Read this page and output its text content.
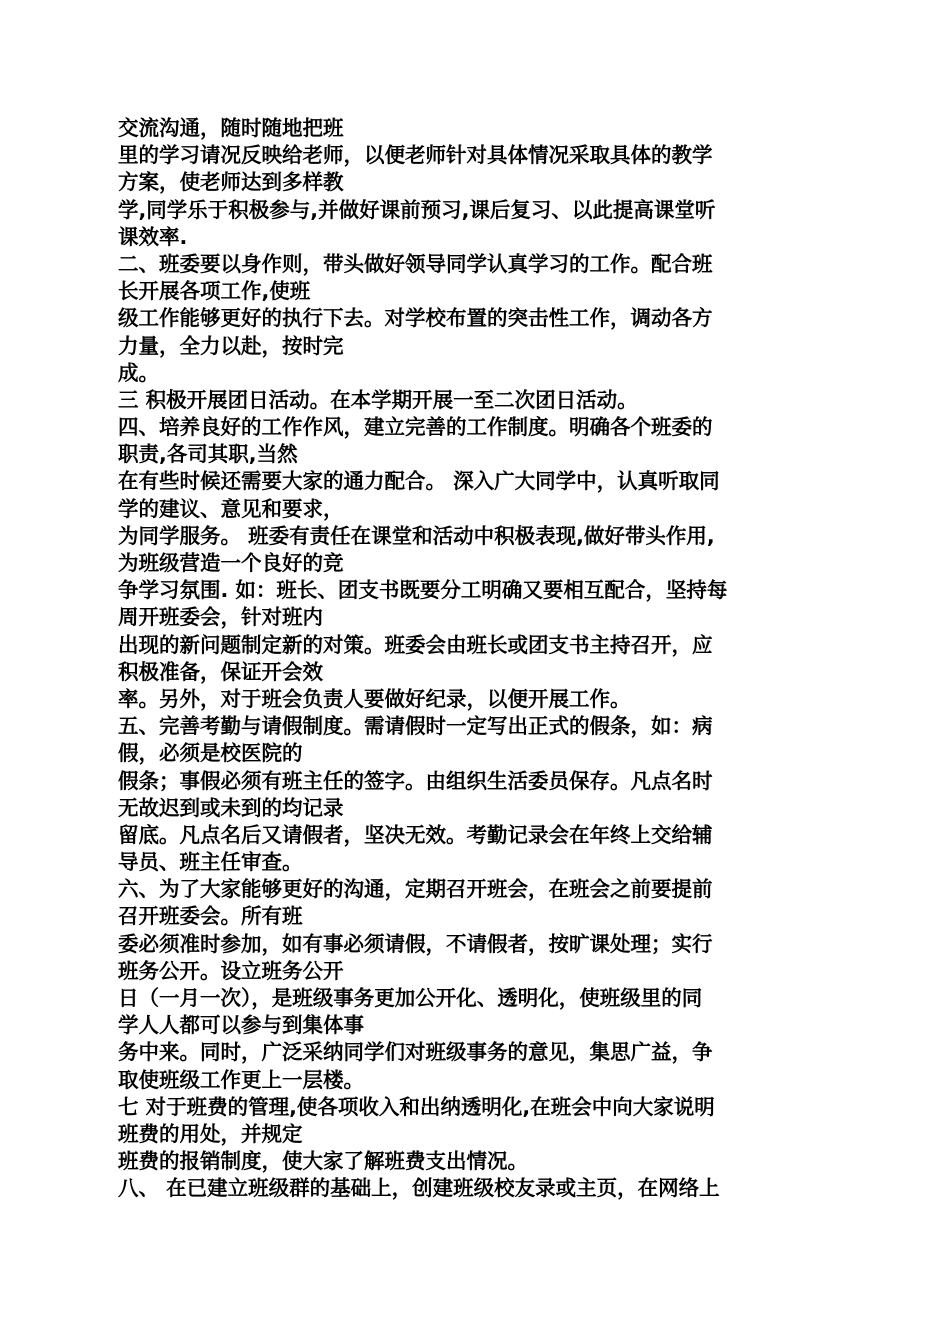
交流沟通，随时随地把班
里的学习请况反映给老师，以便老师针对具体情况采取具体的教学
方案，使老师达到多样教
学,同学乐于积极参与,并做好课前预习,课后复习、以此提高课堂听
课效率.
二、班委要以身作则，带头做好领导同学认真学习的工作。配合班
长开展各项工作,使班
级工作能够更好的执行下去。对学校布置的突击性工作，调动各方
力量，全力以赴，按时完
成。
三 积极开展团日活动。在本学期开展一至二次团日活动。
四、培养良好的工作作风，建立完善的工作制度。明确各个班委的
职责,各司其职,当然
在有些时候还需要大家的通力配合。 深入广大同学中，认真听取同
学的建议、意见和要求，
为同学服务。 班委有责任在课堂和活动中积极表现,做好带头作用,
为班级营造一个良好的竞
争学习氛围. 如：班长、团支书既要分工明确又要相互配合，坚持每
周开班委会，针对班内
出现的新问题制定新的对策。班委会由班长或团支书主持召开，应
积极准备，保证开会效
率。另外，对于班会负责人要做好纪录，以便开展工作。
五、完善考勤与请假制度。需请假时一定写出正式的假条，如：病
假，必须是校医院的
假条；事假必须有班主任的签字。由组织生活委员保存。凡点名时
无故迟到或未到的均记录
留底。凡点名后又请假者，坚决无效。考勤记录会在年终上交给辅
导员、班主任审查。
六、为了大家能够更好的沟通，定期召开班会，在班会之前要提前
召开班委会。所有班
委必须准时参加，如有事必须请假，不请假者，按旷课处理；实行
班务公开。设立班务公开
日（一月一次），是班级事务更加公开化、透明化，使班级里的同
学人人都可以参与到集体事
务中来。同时，广泛采纳同学们对班级事务的意见，集思广益，争
取使班级工作更上一层楼。
七 对于班费的管理,使各项收入和出纳透明化,在班会中向大家说明
班费的用处，并规定
班费的报销制度，使大家了解班费支出情况。
八、 在已建立班级群的基础上，创建班级校友录或主页，在网络上
